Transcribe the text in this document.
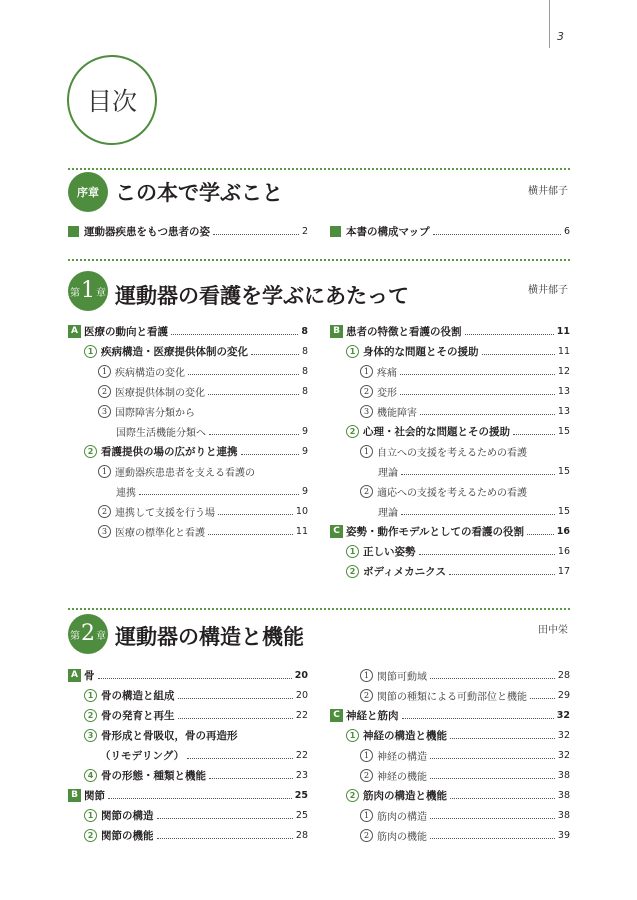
3
目次
序章 この本で学ぶこと	横井郁子
運動器疾患をもつ患者の姿	2	本書の構成マップ	6
第 1 章 運動器の看護を学ぶにあたって	横井郁子
A 医療の動向と看護	8
1 疾病構造・医療提供体制の変化	8
1 疾病構造の変化	8
2 医療提供体制の変化	8
3 国際障害分類から
国際生活機能分類へ	9
2 看護提供の場の広がりと連携	9
1 運動器疾患患者を支える看護の
連携	9
2 連携して支援を行う場	10
3 医療の標準化と看護	11
B 患者の特徴と看護の役割	11
1 身体的な問題とその援助	11
1 疼痛	12
2 変形	13
3 機能障害	13
2 心理・社会的な問題とその援助	15
1 自立への支援を考えるための看護
理論	15
2 適応への支援を考えるための看護
理論	15
C 姿勢・動作モデルとしての看護の役割	16
1 正しい姿勢	16
2 ボディメカニクス	17
第 2 章 運動器の構造と機能	田中栄
A 骨	20
1 骨の構造と組成	20
2 骨の発育と再生	22
3 骨形成と骨吸収，骨の再造形
（リモデリング）	22
4 骨の形態・種類と機能	23
B 関節	25
1 関節の構造	25
2 関節の機能	28
1 関節可動域	28
2 関節の種類による可動部位と機能	29
C 神経と筋肉	32
1 神経の構造と機能	32
1 神経の構造	32
2 神経の機能	38
2 筋肉の構造と機能	38
1 筋肉の構造	38
2 筋肉の機能	39
